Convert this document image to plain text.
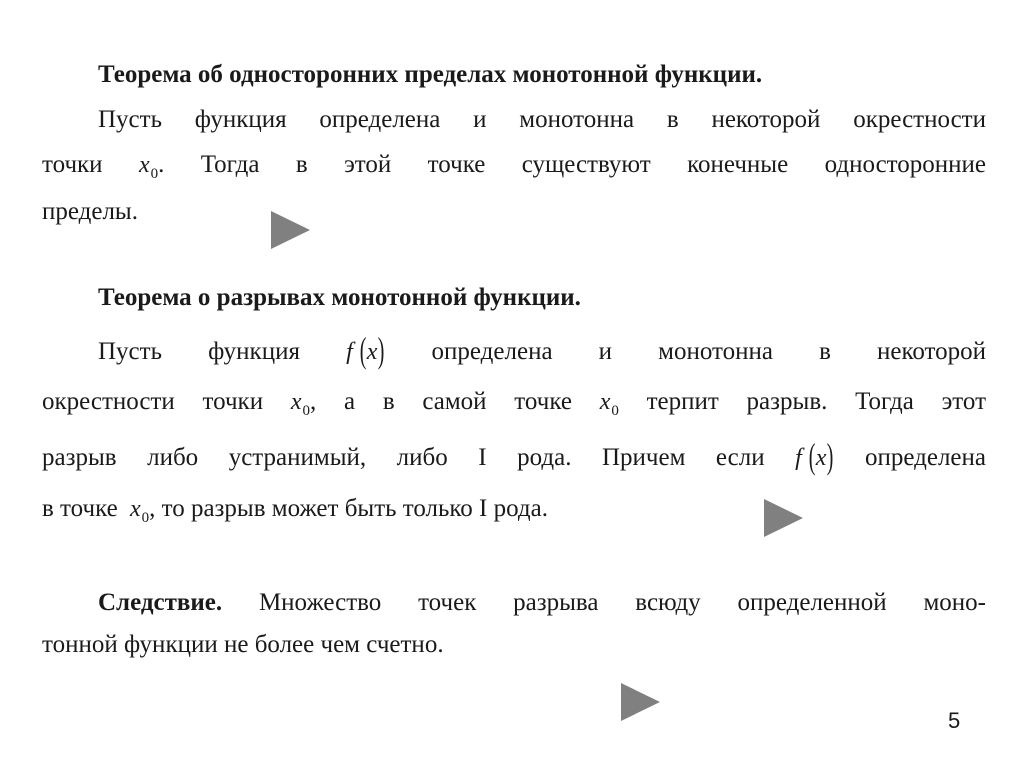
Теорема об односторонних пределах монотонной функции.
Пусть функция определена и монотонна в некоторой окрестности
точки $x_0$. Тогда в этой точке существуют конечные односторонние
пределы.
Теорема о разрывах монотонной функции.
Пусть функция f (x) определена и монотонна в некоторой
окрестности точки $x_0$, а в самой точке $x_0$ терпит разрыв. Тогда этот
разрыв либо устранимый, либо I рода. Причем если f (x) определена
в точке $x_0$, то разрыв может быть только I рода.
Следствие. Множество точек разрыва всюду определенной моно-
тонной функции не более чем счетно.
5
